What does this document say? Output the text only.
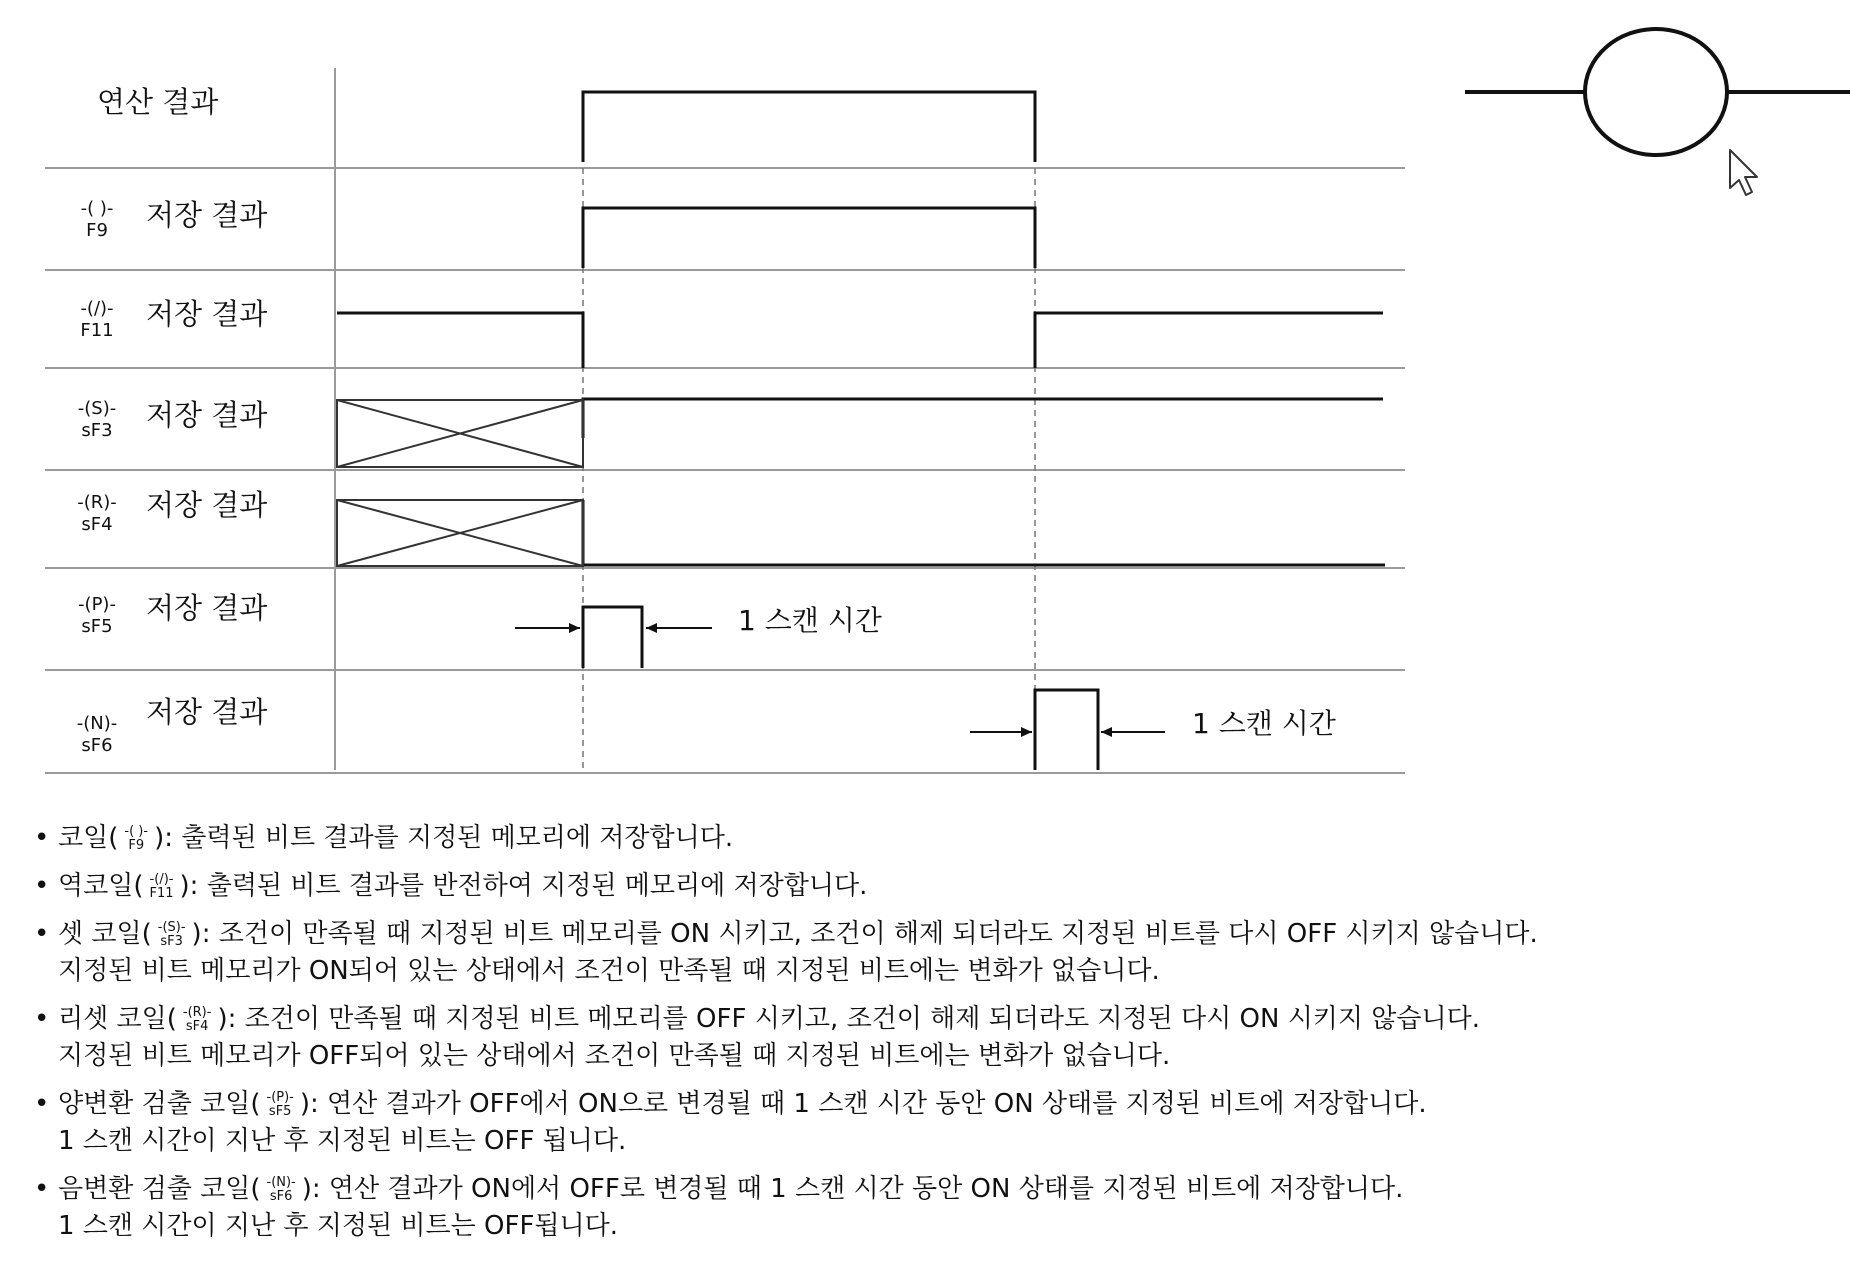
1 스캔 시간
1 스캔 시간
연산 결과
-( )-
F9 저장 결과
-(/)-
F11 저장 결과
-(S)-
sF3 저장 결과
-(R)-
sF4
저장 결과
-(P)-
sF5
저장 결과
-(N)-
sF6
저장 결과
• 코일( -( )-
F9 ): 출력된 비트 결과를 지정된 메모리에 저장합니다.
• 역코일( -(/)-
F11 ): 출력된 비트 결과를 반전하여 지정된 메모리에 저장합니다.
• 셋 코일( -(S)-
sF3 ): 조건이 만족될 때 지정된 비트 메모리를 ON 시키고, 조건이 해제 되더라도 지정된 비트를 다시 OFF 시키지 않습니다.
지정된 비트 메모리가 ON되어 있는 상태에서 조건이 만족될 때 지정된 비트에는 변화가 없습니다.
• 리셋 코일( -(R)-
sF4 ): 조건이 만족될 때 지정된 비트 메모리를 OFF 시키고, 조건이 해제 되더라도 지정된 다시 ON 시키지 않습니다.
지정된 비트 메모리가 OFF되어 있는 상태에서 조건이 만족될 때 지정된 비트에는 변화가 없습니다.
• 양변환 검출 코일( -(P)-
sF5 ): 연산 결과가 OFF에서 ON으로 변경될 때 1 스캔 시간 동안 ON 상태를 지정된 비트에 저장합니다.
1 스캔 시간이 지난 후 지정된 비트는 OFF 됩니다.
• 음변환 검출 코일( -(N)-
sF6 ): 연산 결과가 ON에서 OFF로 변경될 때 1 스캔 시간 동안 ON 상태를 지정된 비트에 저장합니다.
1 스캔 시간이 지난 후 지정된 비트는 OFF됩니다.
